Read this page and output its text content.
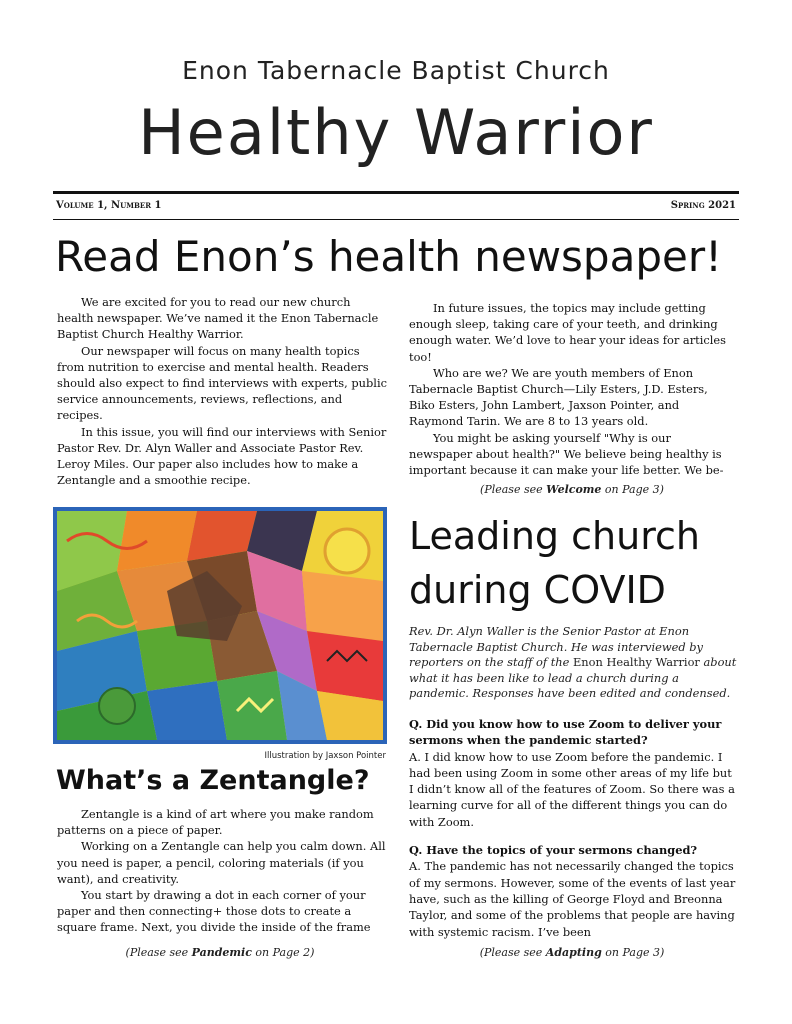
Enon Tabernacle Baptist Church
Healthy Warrior
Volume 1, Number 1	Spring 2021
Read Enon’s health newspaper!

We are excited for you to read our new church health newspaper. We’ve named it the Enon Tabernacle Baptist Church Healthy Warrior.

Our newspaper will focus on many health topics from nutrition to exercise and mental health. Readers should also expect to find interviews with experts, public service announcements, reviews, reflections, and recipes.

In this issue, you will find our interviews with Senior Pastor Rev. Dr. Alyn Waller and Associate Pastor Rev. Leroy Miles. Our paper also includes how to make a Zentangle and a smoothie recipe.

In future issues, the topics may include getting enough sleep, taking care of your teeth, and drinking enough water. We’d love to hear your ideas for articles too!

Who are we? We are youth members of Enon Tabernacle Baptist Church—Lily Esters, J.D. Esters, Biko Esters, John Lambert, Jaxson Pointer, and Raymond Tarin. We are 8 to 13 years old.

You might be asking yourself "Why is our newspaper about health?" We believe being healthy is important because it can make your life better. We be-

(Please see Welcome on Page 3)
Illustration by Jaxson Pointer
What’s a Zentangle?

Zentangle is a kind of art where you make random patterns on a piece of paper.

Working on a Zentangle can help you calm down. All you need is paper, a pencil, coloring materials (if you want), and creativity.

You start by drawing a dot in each corner of your paper and then connecting+ those dots to create a square frame. Next, you divide the inside of the frame

(Please see Pandemic on Page 2)
Leading church during COVID
Rev. Dr. Alyn Waller is the Senior Pastor at Enon Tabernacle Baptist Church. He was interviewed by reporters on the staff of the Enon Healthy Warrior about what it has been like to lead a church during a pandemic. Responses have been edited and condensed.

Q. Did you know how to use Zoom to deliver your sermons when the pandemic started?

A. I did know how to use Zoom before the pandemic. I had been using Zoom in some other areas of my life but I didn’t know all of the features of Zoom. So there was a learning curve for all of the different things you can do with Zoom.

Q. Have the topics of your sermons changed?

A. The pandemic has not necessarily changed the topics of my sermons. However, some of the events of last year have, such as the killing of George Floyd and Breonna Taylor, and some of the problems that people are having with systemic racism. I’ve been

(Please see Adapting on Page 3)
